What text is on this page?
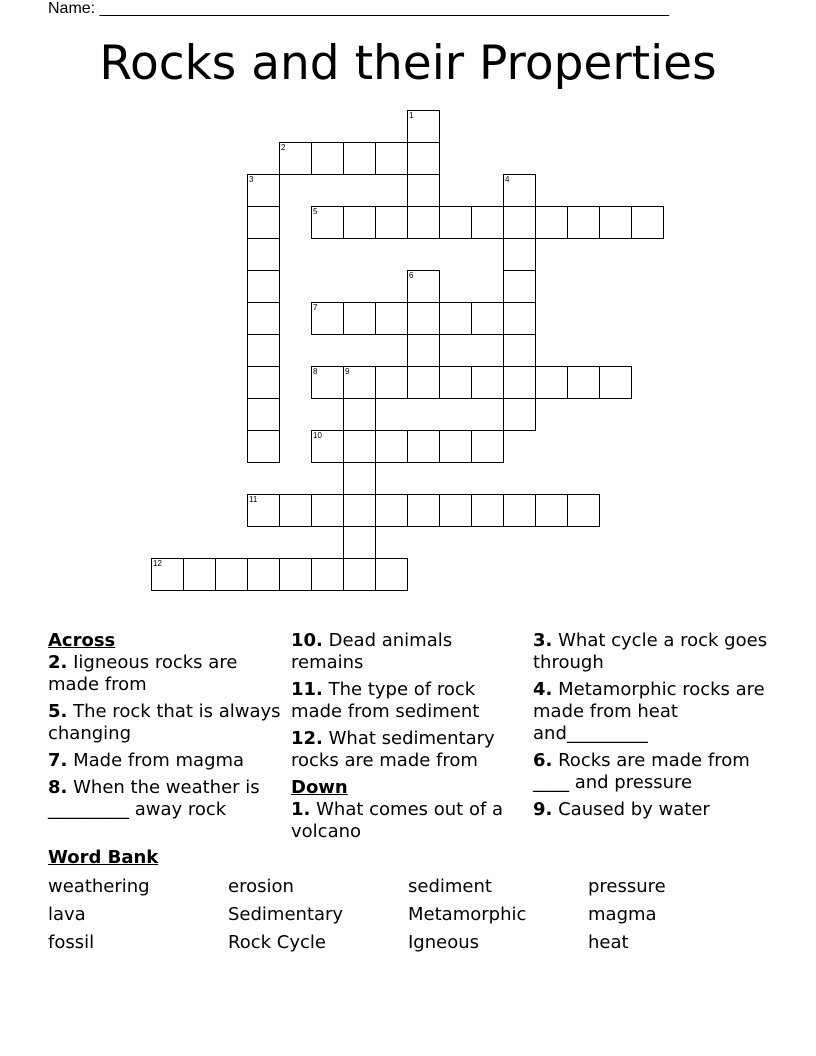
Name: ________________________________________________________________
Rocks and their Properties
1
2
3	4
5
6
7
8	9
10
11
12
Across
2. Iigneous rocks are made from
5. The rock that is always changing
7. Made from magma
8. When the weather is _________ away rock
10. Dead animals remains
11. The type of rock made from sediment
12. What sedimentary rocks are made from
Down
1. What comes out of a volcano
3. What cycle a rock goes through
4. Metamorphic rocks are made from heat and_________
6. Rocks are made from ____ and pressure
9. Caused by water
Word Bank
weathering	erosion	sediment	pressure
lava	Sedimentary	Metamorphic	magma
fossil	Rock Cycle	Igneous	heat
